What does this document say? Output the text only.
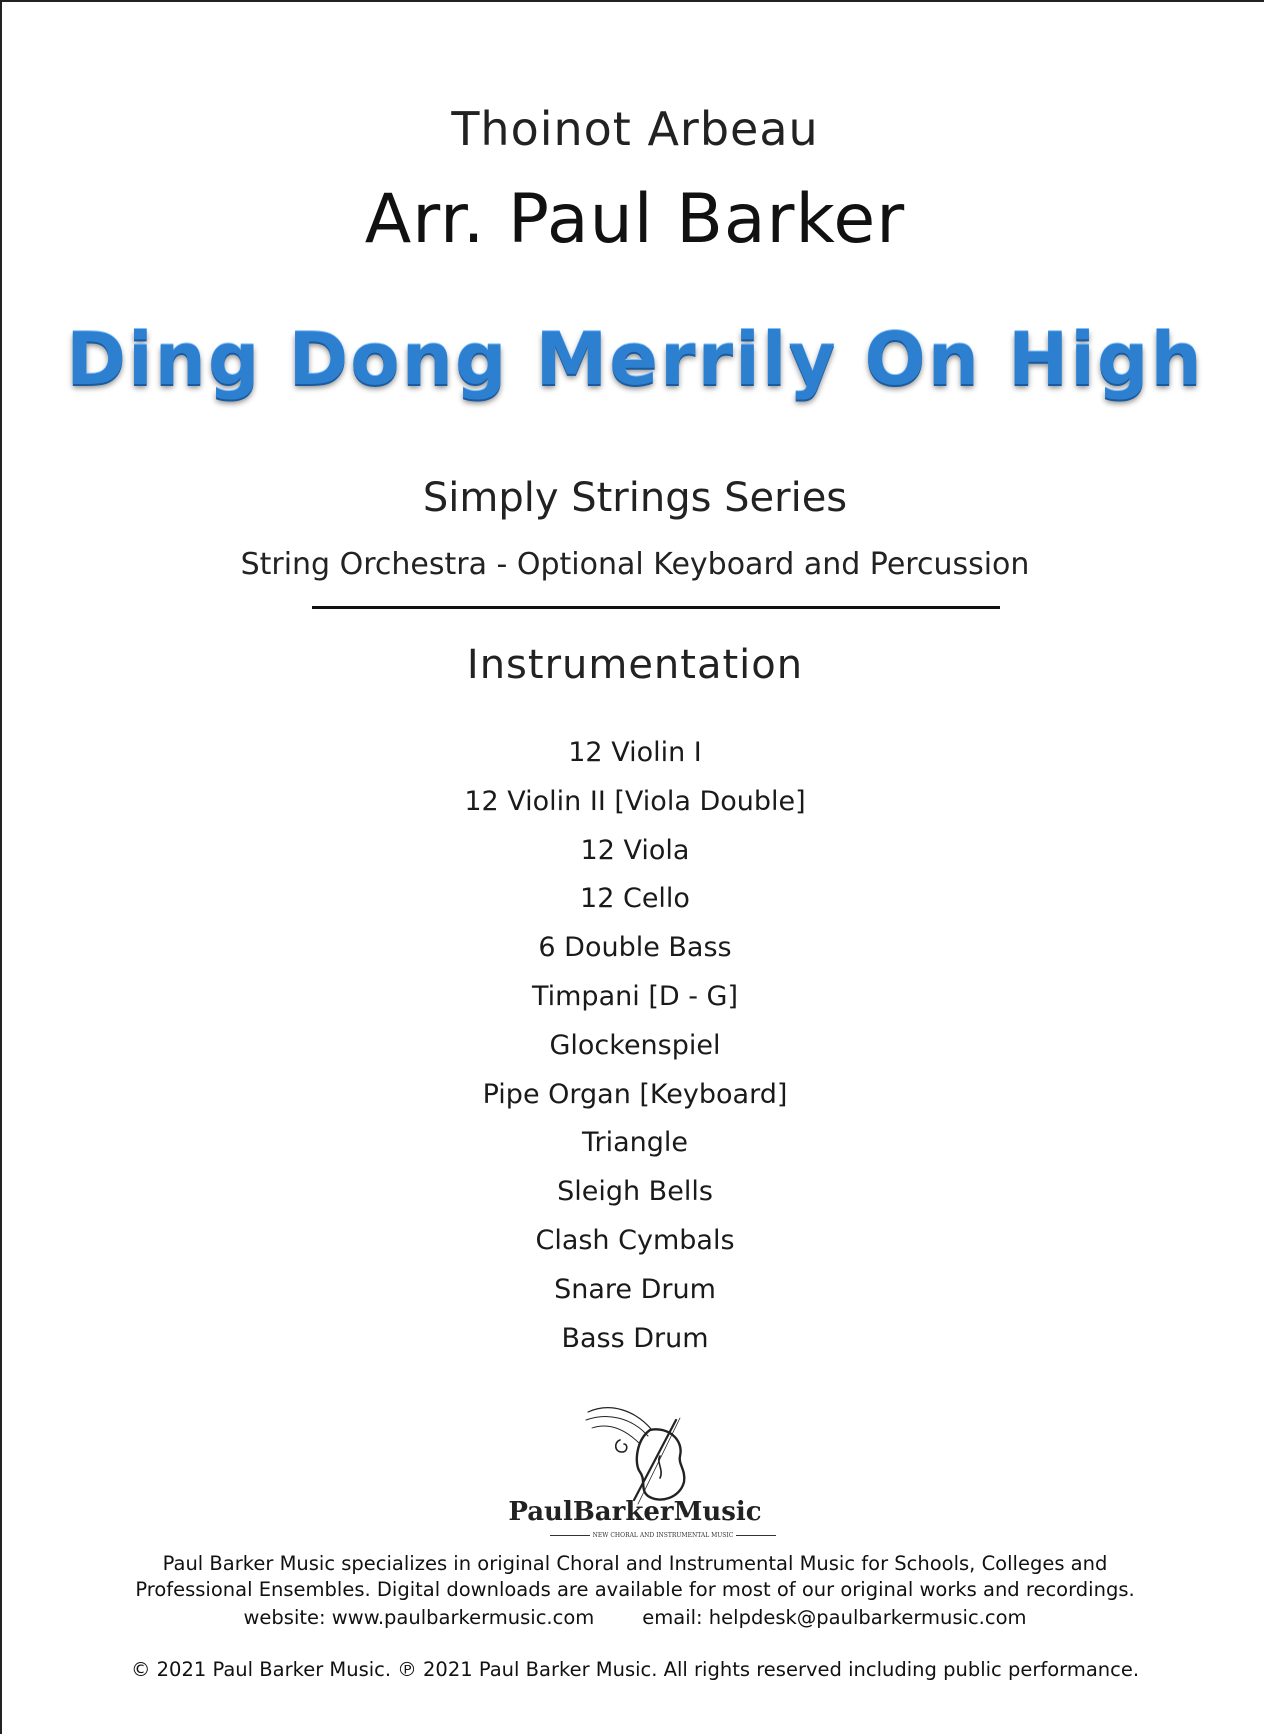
Thoinot Arbeau
Arr. Paul Barker
Ding Dong Merrily On High
Simply Strings Series
String Orchestra - Optional Keyboard and Percussion
Instrumentation
12 Violin I
12 Violin II [Viola Double]
12 Viola
12 Cello
6 Double Bass
Timpani [D - G]
Glockenspiel
Pipe Organ [Keyboard]
Triangle
Sleigh Bells
Clash Cymbals
Snare Drum
Bass Drum
PaulBarkerMusic
NEW CHORAL AND INSTRUMENTAL MUSIC
Paul Barker Music specializes in original Choral and Instrumental Music for Schools, Colleges and
Professional Ensembles. Digital downloads are available for most of our original works and recordings.
website: www.paulbarkermusic.com email: helpdesk@paulbarkermusic.com
© 2021 Paul Barker Music. ℗ 2021 Paul Barker Music. All rights reserved including public performance.
